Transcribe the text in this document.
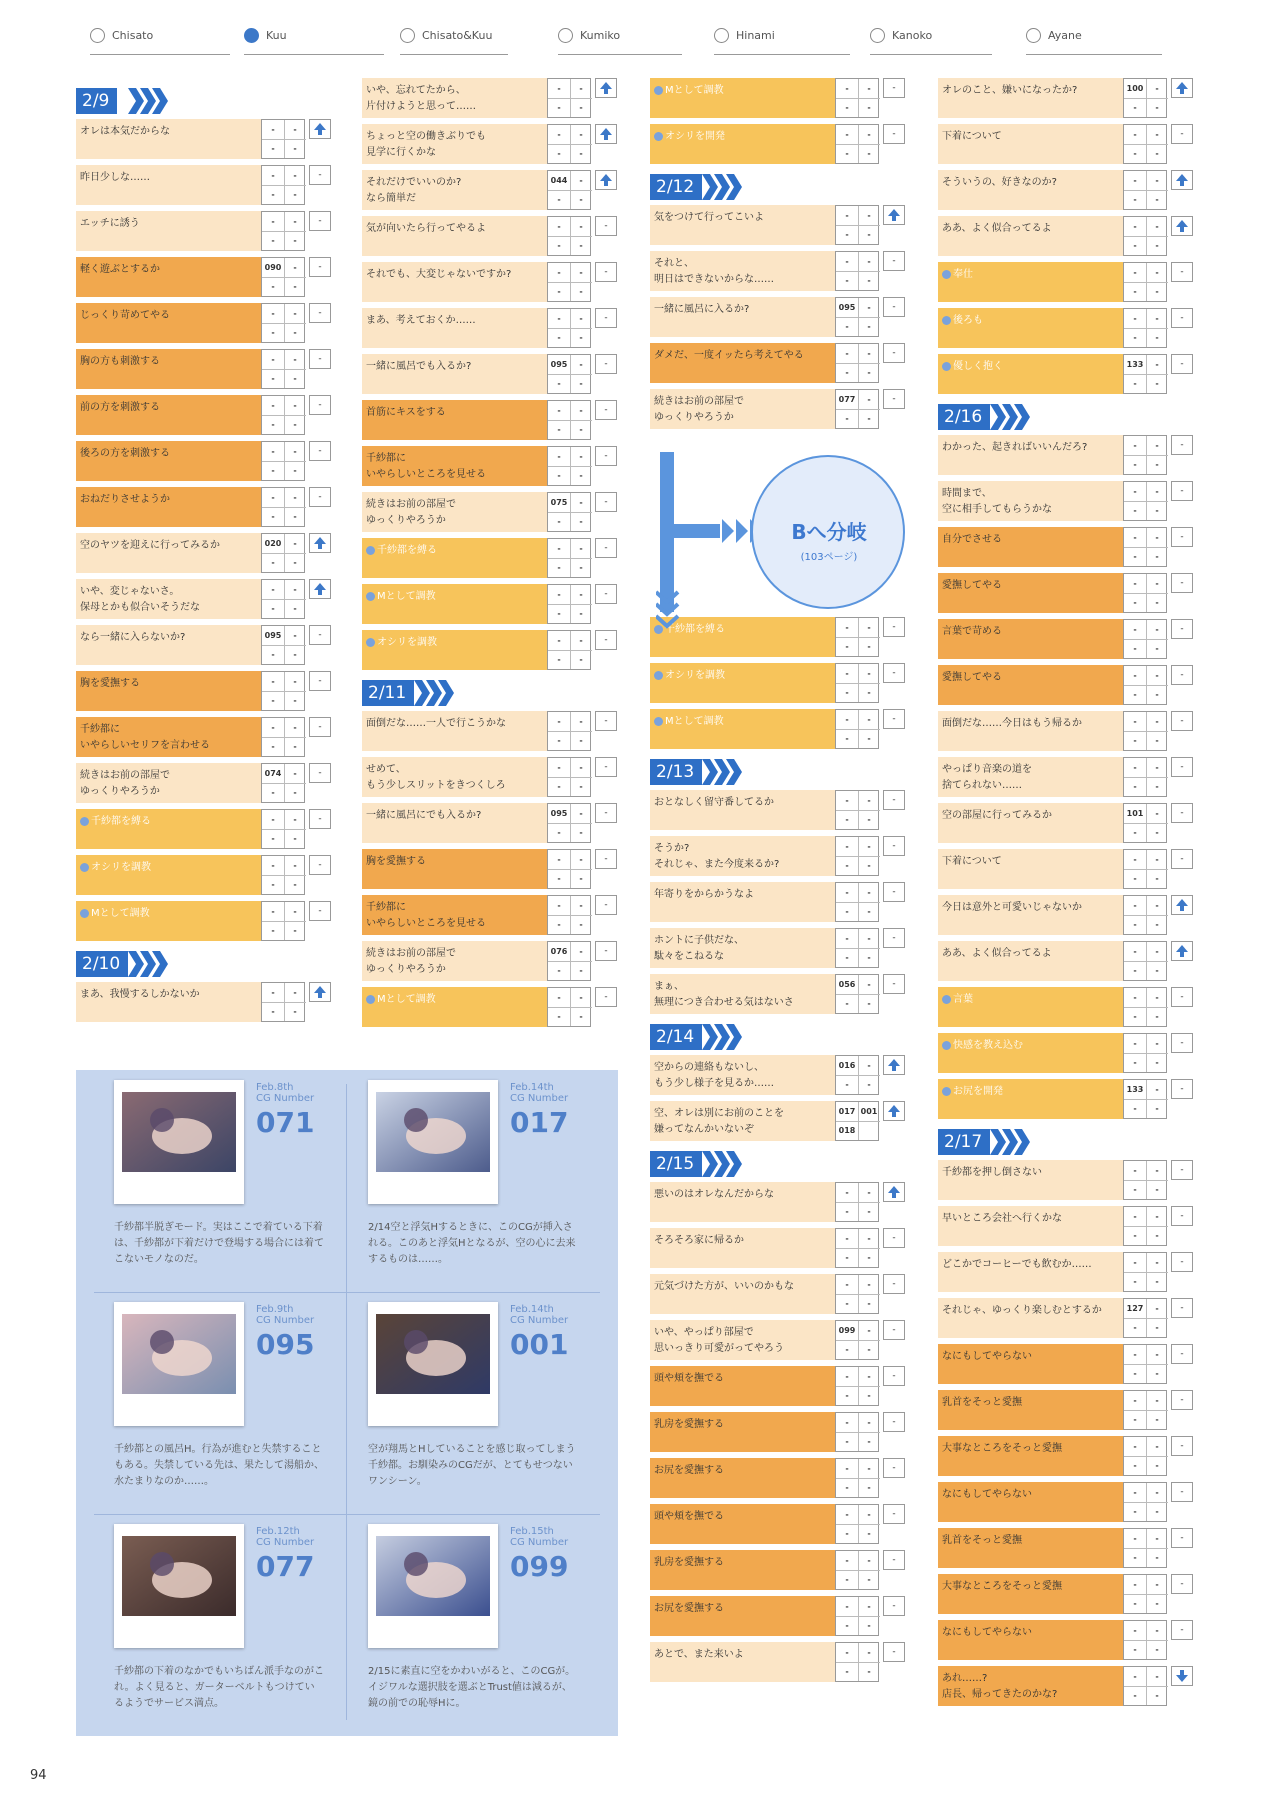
Chisato	Kuu	Chisato&Kuu	Kumiko	Hinami	Kanoko	Ayane
2/9
オレは本気だからな	-	-
-	-
昨日少しな……	-	-
-	-
-
エッチに誘う	-	-
-	-
-
軽く遊ぶとするか	090	-
-	-
-
じっくり苛めてやる	-	-
-	-
-
胸の方も刺激する	-	-
-	-
-
前の方を刺激する	-	-
-	-
-
後ろの方を刺激する	-	-
-	-
-
おねだりさせようか	-	-
-	-
-
空のヤツを迎えに行ってみるか	020	-
-	-
いや、変じゃないさ。
保母とかも似合いそうだな
-	-
-	-
なら一緒に入らないか?	095	-
-	-
-
胸を愛撫する	-	-
-	-
-
千紗都に
いやらしいセリフを言わせる
-	-
-	-
-
続きはお前の部屋で
ゆっくりやろうか
074	-
-	-
-
千紗都を縛る	-	-
-	-
-
オシリを調教	-	-
-	-
-
Mとして調教	-	-
-	-
-
2/10
まあ、我慢するしかないか	-	-
-	-
いや、忘れてたから、
片付けようと思って……
-	-
-	-
ちょっと空の働きぶりでも
見学に行くかな
-	-
-	-
それだけでいいのか?
なら簡単だ
044	-
-	-
気が向いたら行ってやるよ	-	-
-	-
-
それでも、大変じゃないですか?	-	-
-	-
-
まあ、考えておくか……	-	-
-	-
-
一緒に風呂でも入るか?	095	-
-	-
-
首筋にキスをする	-	-
-	-
-
千紗都に
いやらしいところを見せる
-	-
-	-
-
続きはお前の部屋で
ゆっくりやろうか
075	-
-	-
-
千紗都を縛る	-	-
-	-
-
Mとして調教	-	-
-	-
-
オシリを調教	-	-
-	-
-
2/11
面倒だな……一人で行こうかな	-	-
-	-
-
せめて、
もう少しスリットをきつくしろ
-	-
-	-
-
一緒に風呂にでも入るか?	095	-
-	-
-
胸を愛撫する	-	-
-	-
-
千紗都に
いやらしいところを見せる
-	-
-	-
-
続きはお前の部屋で
ゆっくりやろうか
076	-
-	-
-
Mとして調教	-	-
-	-
-
Mとして調教	-	-
-	-
-
オシリを開発	-	-
-	-
-
2/12
気をつけて行ってこいよ	-	-
-	-
それと、
明日はできないからな……
-	-
-	-
-
一緒に風呂に入るか?	095	-
-	-
-
ダメだ、一度イッたら考えてやる	-	-
-	-
-
続きはお前の部屋で
ゆっくりやろうか
077	-
-	-
-
千紗都を縛る	-	-
-	-
-
オシリを調教	-	-
-	-
-
Mとして調教	-	-
-	-
-
2/13
おとなしく留守番してるか	-	-
-	-
-
そうか?
それじゃ、また今度来るか?
-	-
-	-
-
年寄りをからかうなよ	-	-
-	-
-
ホントに子供だな、
駄々をこねるな
-	-
-	-
-
まぁ、
無理につき合わせる気はないさ
056	-
-	-
-
2/14
空からの連絡もないし、
もう少し様子を見るか……
016	-
-	-
空、オレは別にお前のことを
嫌ってなんかいないぞ
017 001
018
2/15
悪いのはオレなんだからな	-	-
-	-
そろそろ家に帰るか	-	-
-	-
-
元気づけた方が、いいのかもな	-	-
-	-
-
いや、やっぱり部屋で
思いっきり可愛がってやろう
099	-
-	-
-
頭や頬を撫でる	-	-
-	-
-
乳房を愛撫する	-	-
-	-
-
お尻を愛撫する	-	-
-	-
-
頭や頬を撫でる	-	-
-	-
-
乳房を愛撫する	-	-
-	-
-
お尻を愛撫する	-	-
-	-
-
あとで、また来いよ	-	-
-	-
-
オレのこと、嫌いになったか?	100	-
-	-
下着について	-	-
-	-
-
そういうの、好きなのか?	-	-
-	-
ああ、よく似合ってるよ	-	-
-	-
奉仕	-	-
-	-
-
後ろも	-	-
-	-
-
優しく抱く	133	-
-	-
-
2/16
わかった、起きればいいんだろ?	-	-
-	-
-
時間まで、
空に相手してもらうかな
-	-
-	-
-
自分でさせる	-	-
-	-
-
愛撫してやる	-	-
-	-
-
言葉で苛める	-	-
-	-
-
愛撫してやる	-	-
-	-
-
面倒だな……今日はもう帰るか	-	-
-	-
-
やっぱり音楽の道を
捨てられない……
-	-
-	-
-
空の部屋に行ってみるか	101	-
-	-
-
下着について	-	-
-	-
-
今日は意外と可愛いじゃないか	-	-
-	-
ああ、よく似合ってるよ	-	-
-	-
言葉	-	-
-	-
-
快感を教え込む	-	-
-	-
-
お尻を開発	133	-
-	-
-
2/17
千紗都を押し倒さない	-	-
-	-
-
早いところ会社へ行くかな	-	-
-	-
-
どこかでコーヒーでも飲むか……	-	-
-	-
-
それじゃ、ゆっくり楽しむとするか	127	-
-	-
-
なにもしてやらない	-	-
-	-
-
乳首をそっと愛撫	-	-
-	-
-
大事なところをそっと愛撫	-	-
-	-
-
なにもしてやらない	-	-
-	-
-
乳首をそっと愛撫	-	-
-	-
-
大事なところをそっと愛撫	-	-
-	-
-
なにもしてやらない	-	-
-	-
-
あれ……?
店長、帰ってきたのかな?
-	-
-	-
Bへ分岐
(103ページ)
Feb.8th
CG Number
071
千紗都半脱ぎモード。実はここで着ている下着は、千紗都が下着だけで登場する場合には着てこないモノなのだ。
Feb.14th
CG Number
017
2/14空と浮気Hするときに、このCGが挿入される。このあと浮気Hとなるが、空の心に去来するものは……。
Feb.9th
CG Number
095
千紗都との風呂H。行為が進むと失禁することもある。失禁している先は、果たして湯船か、水たまりなのか……。
Feb.14th
CG Number
001
空が翔馬とHしていることを感じ取ってしまう千紗都。お馴染みのCGだが、とてもせつないワンシーン。
Feb.12th
CG Number
077
千紗都の下着のなかでもいちばん派手なのがこれ。よく見ると、ガーターベルトもつけているようでサービス満点。
Feb.15th
CG Number
099
2/15に素直に空をかわいがると、このCGが。イジワルな選択肢を選ぶとTrust値は減るが、鏡の前での恥辱Hに。
94
